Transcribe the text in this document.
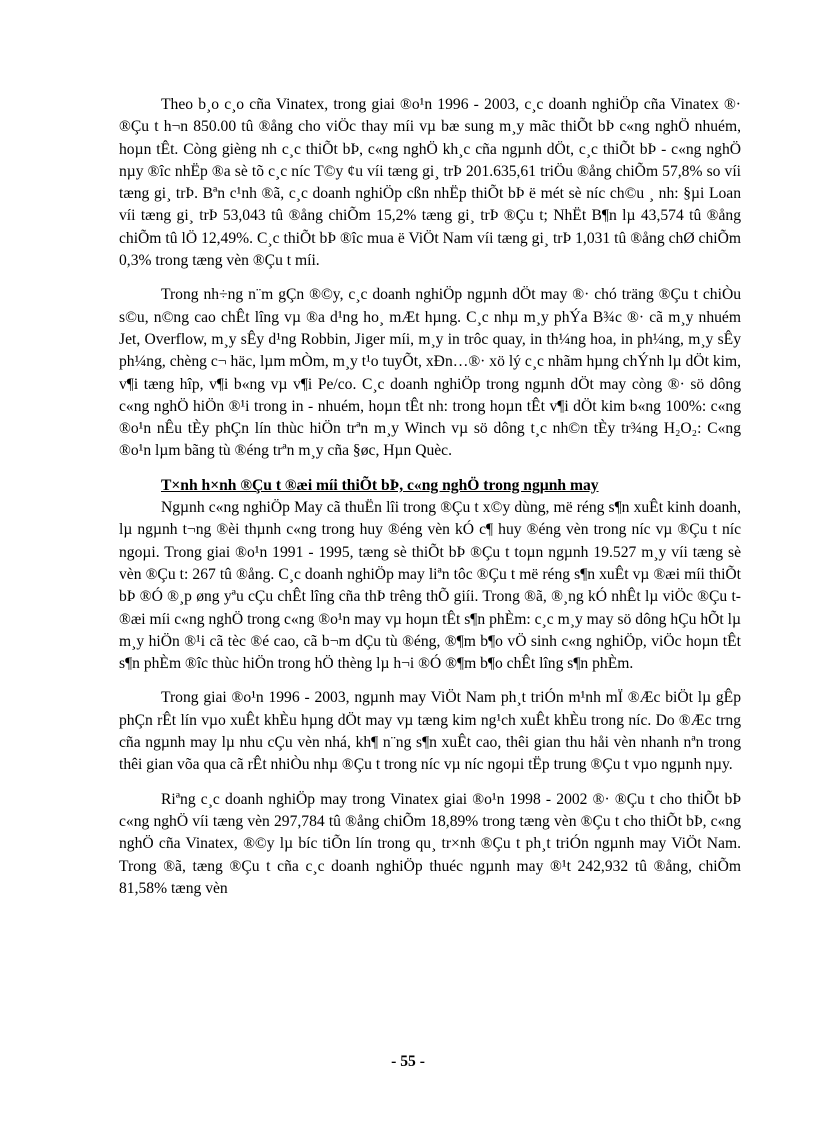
Theo b¸o c¸o cña Vinatex, trong giai ®o¹n 1996 - 2003, c¸c doanh nghiÖp cña Vinatex ®· ®Çu t h¬n 850.00 tû ®ång cho viÖc thay míi vµ bæ sung m¸y mãc thiÕt bÞ c«ng nghÖ nhuém, hoµn tÊt. Còng gièng nh c¸c thiÕt bÞ, c«ng nghÖ kh¸c cña ngµnh dÖt, c¸c thiÕt bÞ - c«ng nghÖ nµy ®îc nhËp ®a sè tõ c¸c níc T©y ¢u víi tæng gi¸ trÞ 201.635,61 triÖu ®ång chiÕm 57,8% so víi tæng gi¸ trÞ. Bªn c¹nh ®ã, c¸c doanh nghiÖp cßn nhËp thiÕt bÞ ë mét sè níc ch©u ¸ nh: §µi Loan víi tæng gi¸ trÞ 53,043 tû ®ång chiÕm 15,2% tæng gi¸ trÞ ®Çu t; NhËt B¶n lµ 43,574 tû ®ång chiÕm tû lÖ 12,49%. C¸c thiÕt bÞ ®îc mua ë ViÖt Nam víi tæng gi¸ trÞ 1,031 tû ®ång chØ chiÕm 0,3% trong tæng vèn ®Çu t míi.

Trong nh÷ng n¨m gÇn ®©y, c¸c doanh nghiÖp ngµnh dÖt may ®· chó träng ®Çu t chiÒu s©u, n©ng cao chÊt lîng vµ ®a d¹ng ho¸ mÆt hµng. C¸c nhµ m¸y phÝa B¾c ®· cã m¸y nhuém Jet, Overflow, m¸y sÊy d¹ng Robbin, Jiger míi, m¸y in trôc quay, in th¼ng hoa, in ph¼ng, m¸y sÊy ph¼ng, chèng c¬ häc, lµm mÒm, m¸y t¹o tuyÕt, xÐn…®· xö lý c¸c nhãm hµng chÝnh lµ dÖt kim, v¶i tæng hîp, v¶i b«ng vµ v¶i Pe/co. C¸c doanh nghiÖp trong ngµnh dÖt may còng ®· sö dông c«ng nghÖ hiÖn ®¹i trong in - nhuém, hoµn tÊt nh: trong hoµn tÊt v¶i dÖt kim b«ng 100%: c«ng ®o¹n nÊu tÈy phÇn lín thùc hiÖn trªn m¸y Winch vµ sö dông t¸c nh©n tÈy tr¾ng H₂O₂: C«ng ®o¹n lµm bãng tù ®éng trªn m¸y cña §øc, Hµn Quèc.

T×nh h×nh ®Çu t ®æi míi thiÕt bÞ, c«ng nghÖ trong ngµnh may

Ngµnh c«ng nghiÖp May cã thuËn lîi trong ®Çu t x©y dùng, më réng s¶n xuÊt kinh doanh, lµ ngµnh t¬ng ®èi thµnh c«ng trong huy ®éng vèn kÓ c¶ huy ®éng vèn trong níc vµ ®Çu t níc ngoµi. Trong giai ®o¹n 1991 - 1995, tæng sè thiÕt bÞ ®Çu t toµn ngµnh 19.527 m¸y víi tæng sè vèn ®Çu t: 267 tû ®ång. C¸c doanh nghiÖp may liªn tôc ®Çu t më réng s¶n xuÊt vµ ®æi míi thiÕt bÞ ®Ó ®¸p øng yªu cÇu chÊt lîng cña thÞ trêng thÕ giíi. Trong ®ã, ®¸ng kÓ nhÊt lµ viÖc ®Çu t ®æi míi c«ng nghÖ trong c«ng ®o¹n may vµ hoµn tÊt s¶n phÈm: c¸c m¸y may sö dông hÇu hÕt lµ m¸y hiÖn ®¹i cã tèc ®é cao, cã b¬m dÇu tù ®éng, ®¶m b¶o vÖ sinh c«ng nghiÖp, viÖc hoµn tÊt s¶n phÈm ®îc thùc hiÖn trong hÖ thèng lµ h¬i ®Ó ®¶m b¶o chÊt lîng s¶n phÈm.

Trong giai ®o¹n 1996 - 2003, ngµnh may ViÖt Nam ph¸t triÓn m¹nh mÏ ®Æc biÖt lµ gÊp phÇn rÊt lín vµo xuÊt khÈu hµng dÖt may vµ tæng kim ng¹ch xuÊt khÈu trong níc. Do ®Æc trng cña ngµnh may lµ nhu cÇu vèn nhá, kh¶ n¨ng s¶n xuÊt cao, thêi gian thu håi vèn nhanh nªn trong thêi gian võa qua cã rÊt nhiÒu nhµ ®Çu t trong níc vµ níc ngoµi tËp trung ®Çu t vµo ngµnh nµy.

Riªng c¸c doanh nghiÖp may trong Vinatex giai ®o¹n 1998 - 2002 ®· ®Çu t cho thiÕt bÞ c«ng nghÖ víi tæng vèn 297,784 tû ®ång chiÕm 18,89% trong tæng vèn ®Çu t cho thiÕt bÞ, c«ng nghÖ cña Vinatex, ®©y lµ bíc tiÕn lín trong qu¸ tr×nh ®Çu t ph¸t triÓn ngµnh may ViÖt Nam. Trong ®ã, tæng ®Çu t cña c¸c doanh nghiÖp thuéc ngµnh may ®¹t 242,932 tû ®ång, chiÕm 81,58% tæng vèn

- 55 -
